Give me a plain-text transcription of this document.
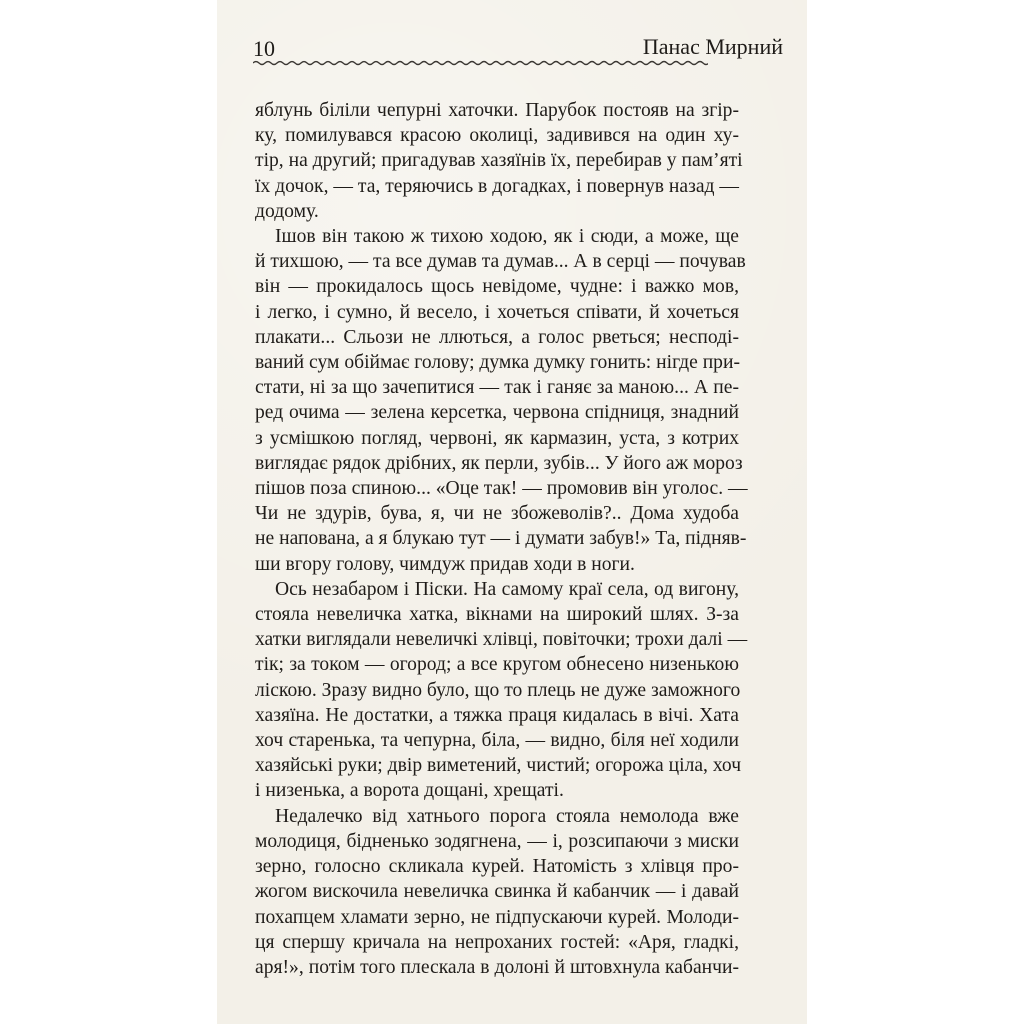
10	Панас Мирний
яблунь біліли чепурні хаточки. Парубок постояв на згір-
ку, помилувався красою околиці, задивився на один ху-
тір, на другий; пригадував хазяїнів їх, перебирав у пам’яті
їх дочок, — та, теряючись в догадках, і повернув назад —
додому.
Ішов він такою ж тихою ходою, як і сюди, а може, ще
й тихшою, — та все думав та думав... А в серці — почував
він — прокидалось щось невідоме, чудне: і важко мов,
і легко, і сумно, й весело, і хочеться співати, й хочеться
плакати... Сльози не ллються, а голос рветься; несподі-
ваний сум обіймає голову; думка думку гонить: нігде при-
стати, ні за що зачепитися — так і ганяє за маною... А пе-
ред очима — зелена керсетка, червона спідниця, знадний
з усмішкою погляд, червоні, як кармазин, уста, з котрих
виглядає рядок дрібних, як перли, зубів... У його аж мороз
пішов поза спиною... «Оце так! — промовив він уголос. —
Чи не здурів, бува, я, чи не збожеволів?.. Дома худоба
не напована, а я блукаю тут — і думати забув!» Та, підняв-
ши вгору голову, чимдуж придав ходи в ноги.
Ось незабаром і Піски. На самому краї села, од вигону,
стояла невеличка хатка, вікнами на широкий шлях. З-за
хатки виглядали невеличкі хлівці, повіточки; трохи далі —
тік; за током — огород; а все кругом обнесено низенькою
ліскою. Зразу видно було, що то плець не дуже заможного
хазяїна. Не достатки, а тяжка праця кидалась в вічі. Хата
хоч старенька, та чепурна, біла, — видно, біля неї ходили
хазяйські руки; двір виметений, чистий; огорожа ціла, хоч
і низенька, а ворота дощані, хрещаті.
Недалечко від хатнього порога стояла немолода вже
молодиця, бідненько зодягнена, — і, розсипаючи з миски
зерно, голосно скликала курей. Натомість з хлівця про-
жогом вискочила невеличка свинка й кабанчик — і давай
похапцем хламати зерно, не підпускаючи курей. Молоди-
ця спершу кричала на непроханих гостей: «Аря, гладкі,
аря!», потім того плескала в долоні й штовхнула кабанчи-
